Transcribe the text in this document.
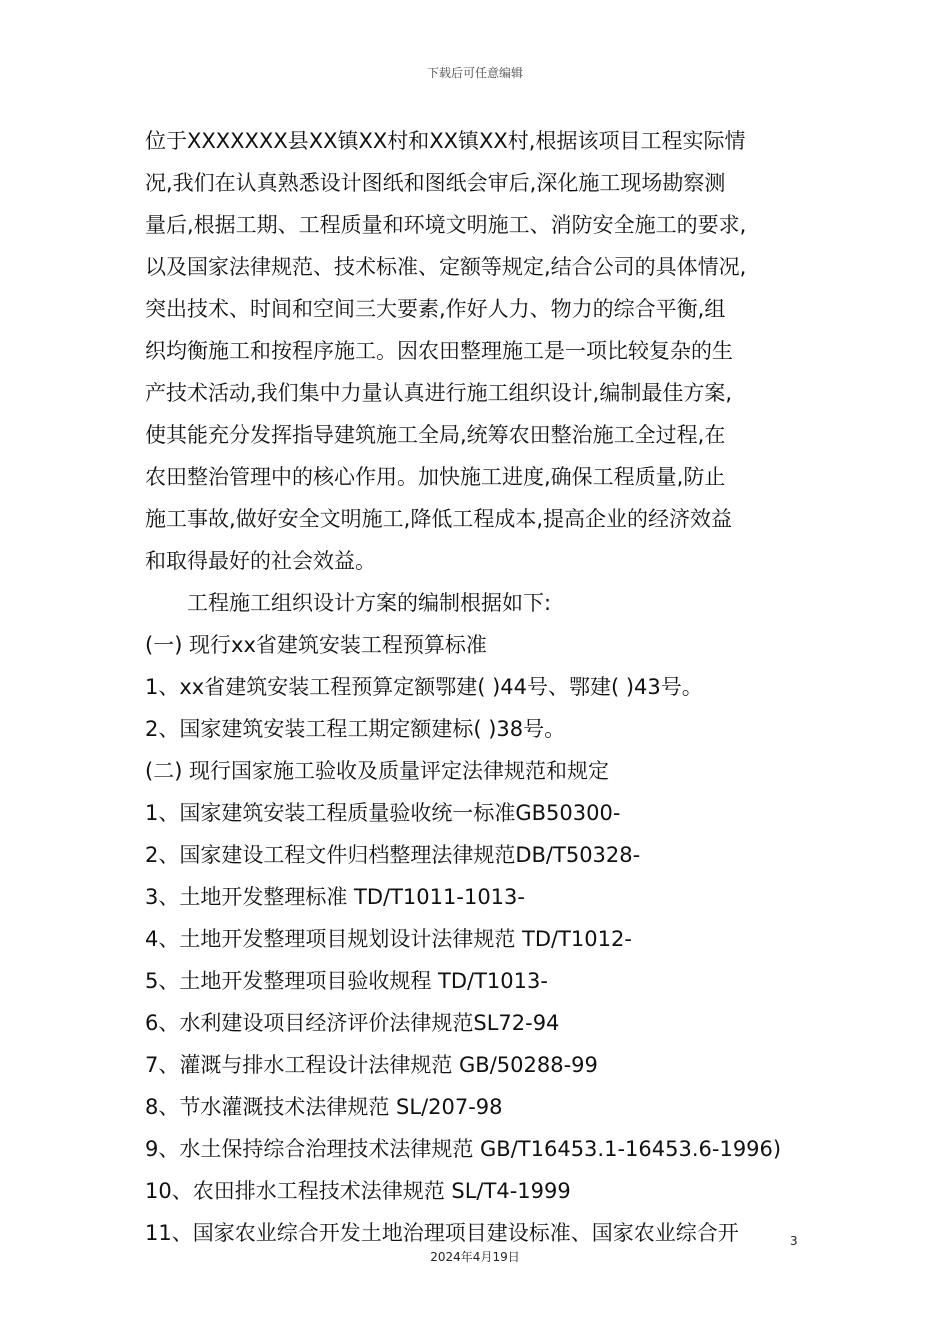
下载后可任意编辑
位于XXXXXXX县XX镇XX村和XX镇XX村,根据该项目工程实际情
况,我们在认真熟悉设计图纸和图纸会审后,深化施工现场勘察测
量后,根据工期、工程质量和环境文明施工、消防安全施工的要求,
以及国家法律规范、技术标准、定额等规定,结合公司的具体情况,
突出技术、时间和空间三大要素,作好人力、物力的综合平衡,组
织均衡施工和按程序施工。因农田整理施工是一项比较复杂的生
产技术活动,我们集中力量认真进行施工组织设计,编制最佳方案,
使其能充分发挥指导建筑施工全局,统筹农田整治施工全过程,在
农田整治管理中的核心作用。加快施工进度,确保工程质量,防止
施工事故,做好安全文明施工,降低工程成本,提高企业的经济效益
和取得最好的社会效益。
工程施工组织设计方案的编制根据如下:
(一) 现行xx省建筑安装工程预算标准
1、xx省建筑安装工程预算定额鄂建( )44号、鄂建( )43号。
2、国家建筑安装工程工期定额建标( )38号。
(二) 现行国家施工验收及质量评定法律规范和规定
1、国家建筑安装工程质量验收统一标准GB50300-
2、国家建设工程文件归档整理法律规范DB/T50328-
3、土地开发整理标准 TD/T1011-1013-
4、土地开发整理项目规划设计法律规范 TD/T1012-
5、土地开发整理项目验收规程 TD/T1013-
6、水利建设项目经济评价法律规范SL72-94
7、灌溉与排水工程设计法律规范 GB/50288-99
8、节水灌溉技术法律规范 SL/207-98
9、水土保持综合治理技术法律规范 GB/T16453.1-16453.6-1996)
10、农田排水工程技术法律规范 SL/T4-1999
11、国家农业综合开发土地治理项目建设标准、国家农业综合开	3
2024年4月19日
